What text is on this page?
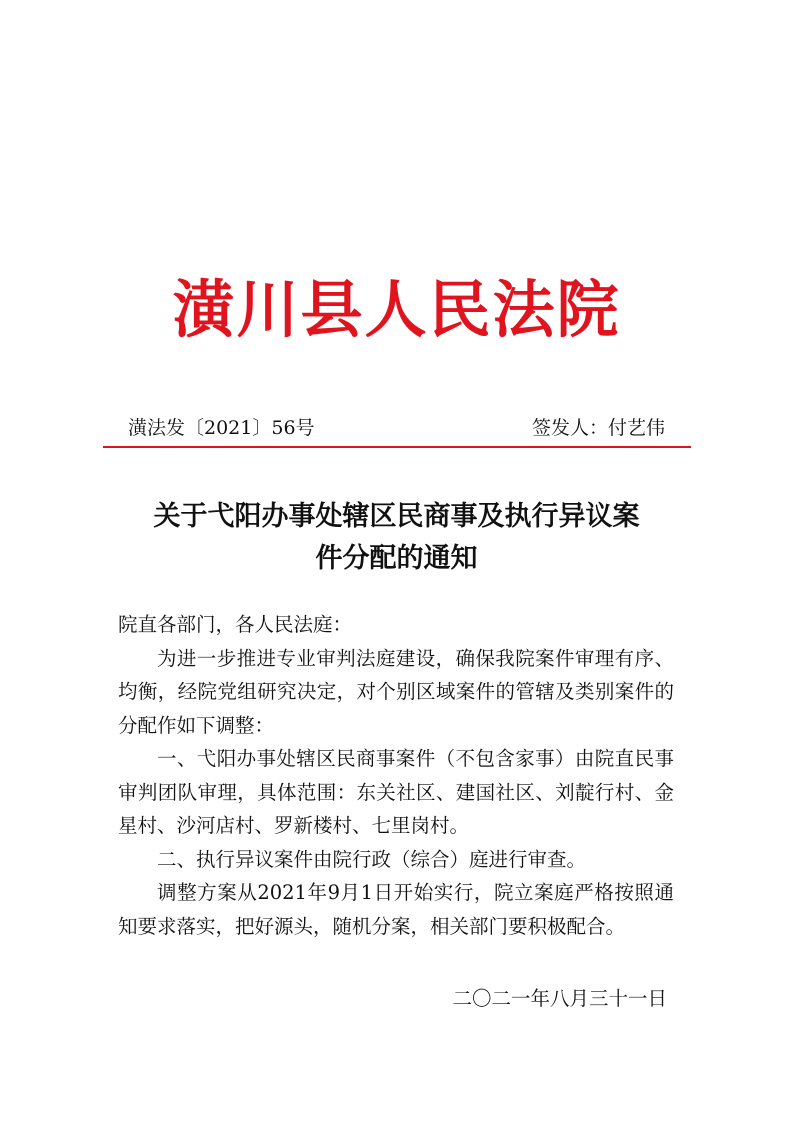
潢川县人民法院
潢法发〔2021〕56号	签发人：付艺伟
关于弋阳办事处辖区民商事及执行异议案
件分配的通知

院直各部门，各人民法庭：

为进一步推进专业审判法庭建设，确保我院案件审理有序、均衡，经院党组研究决定，对个别区域案件的管辖及类别案件的分配作如下调整：

一、弋阳办事处辖区民商事案件（不包含家事）由院直民事审判团队审理，具体范围：东关社区、建国社区、刘靛行村、金星村、沙河店村、罗新楼村、七里岗村。

二、执行异议案件由院行政（综合）庭进行审查。

调整方案从2021年9月1日开始实行，院立案庭严格按照通知要求落实，把好源头，随机分案，相关部门要积极配合。

二〇二一年八月三十一日
